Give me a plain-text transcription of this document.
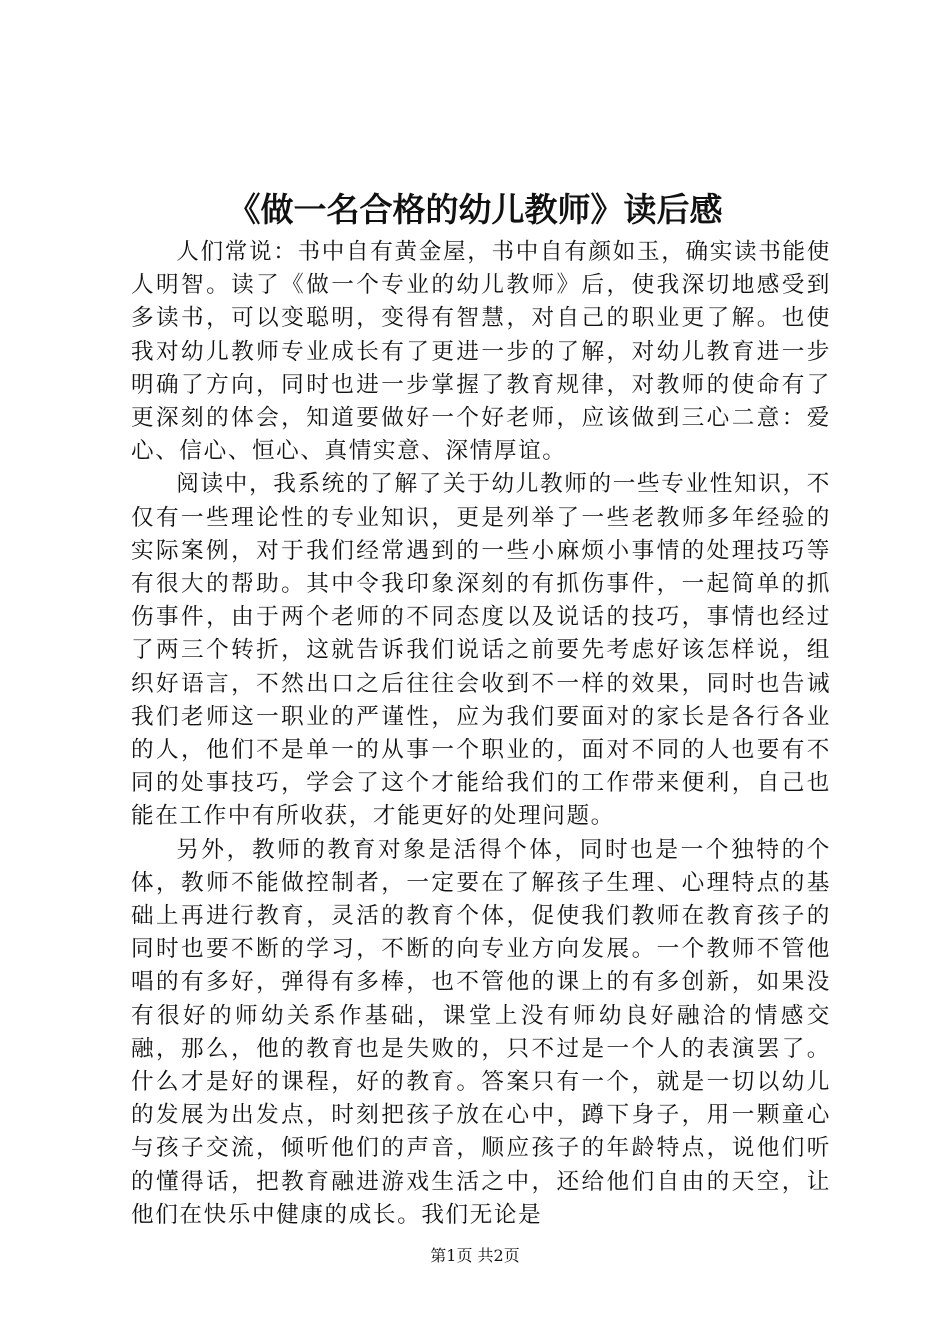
《做一名合格的幼儿教师》读后感

人们常说：书中自有黄金屋，书中自有颜如玉，确实读书能使人明智。读了《做一个专业的幼儿教师》后，使我深切地感受到多读书，可以变聪明，变得有智慧，对自己的职业更了解。也使我对幼儿教师专业成长有了更进一步的了解，对幼儿教育进一步明确了方向，同时也进一步掌握了教育规律，对教师的使命有了更深刻的体会，知道要做好一个好老师，应该做到三心二意：爱心、信心、恒心、真情实意、深情厚谊。

阅读中，我系统的了解了关于幼儿教师的一些专业性知识，不仅有一些理论性的专业知识，更是列举了一些老教师多年经验的实际案例，对于我们经常遇到的一些小麻烦小事情的处理技巧等有很大的帮助。其中令我印象深刻的有抓伤事件，一起简单的抓伤事件，由于两个老师的不同态度以及说话的技巧，事情也经过了两三个转折，这就告诉我们说话之前要先考虑好该怎样说，组织好语言，不然出口之后往往会收到不一样的效果，同时也告诫我们老师这一职业的严谨性，应为我们要面对的家长是各行各业的人，他们不是单一的从事一个职业的，面对不同的人也要有不同的处事技巧，学会了这个才能给我们的工作带来便利，自己也能在工作中有所收获，才能更好的处理问题。

另外，教师的教育对象是活得个体，同时也是一个独特的个体，教师不能做控制者，一定要在了解孩子生理、心理特点的基础上再进行教育，灵活的教育个体，促使我们教师在教育孩子的同时也要不断的学习，不断的向专业方向发展。一个教师不管他唱的有多好，弹得有多棒，也不管他的课上的有多创新，如果没有很好的师幼关系作基础，课堂上没有师幼良好融洽的情感交融，那么，他的教育也是失败的，只不过是一个人的表演罢了。什么才是好的课程，好的教育。答案只有一个，就是一切以幼儿的发展为出发点，时刻把孩子放在心中，蹲下身子，用一颗童心与孩子交流，倾听他们的声音，顺应孩子的年龄特点，说他们听的懂得话，把教育融进游戏生活之中，还给他们自由的天空，让他们在快乐中健康的成长。我们无论是

第1页 共2页
